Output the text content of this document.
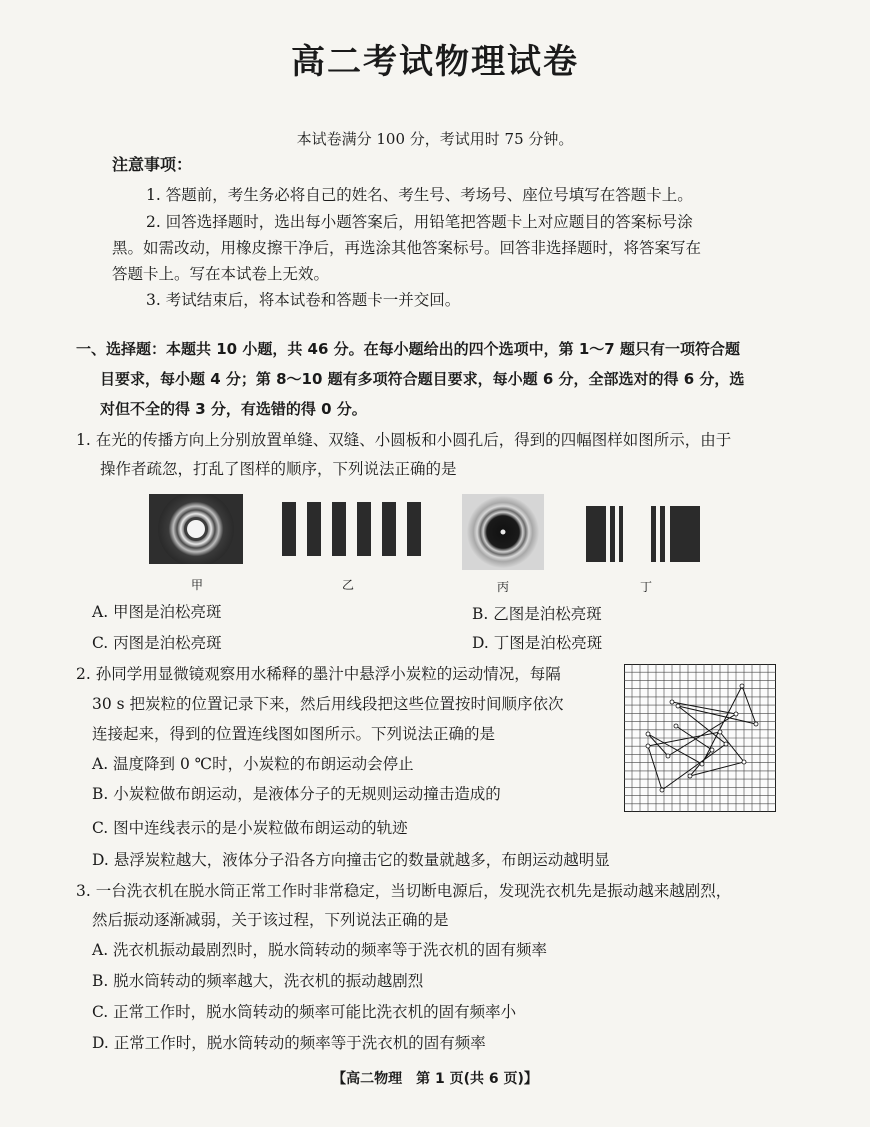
高二考试物理试卷
本试卷满分 100 分，考试用时 75 分钟。
注意事项：
1. 答题前，考生务必将自己的姓名、考生号、考场号、座位号填写在答题卡上。
2. 回答选择题时，选出每小题答案后，用铅笔把答题卡上对应题目的答案标号涂
黑。如需改动，用橡皮擦干净后，再选涂其他答案标号。回答非选择题时，将答案写在
答题卡上。写在本试卷上无效。
3. 考试结束后，将本试卷和答题卡一并交回。
一、选择题：本题共 10 小题，共 46 分。在每小题给出的四个选项中，第 1～7 题只有一项符合题
目要求，每小题 4 分；第 8～10 题有多项符合题目要求，每小题 6 分，全部选对的得 6 分，选
对但不全的得 3 分，有选错的得 0 分。
1. 在光的传播方向上分别放置单缝、双缝、小圆板和小圆孔后，得到的四幅图样如图所示，由于
操作者疏忽，打乱了图样的顺序，下列说法正确的是
甲	乙	丙	丁
A. 甲图是泊松亮斑	B. 乙图是泊松亮斑
C. 丙图是泊松亮斑	D. 丁图是泊松亮斑
2. 孙同学用显微镜观察用水稀释的墨汁中悬浮小炭粒的运动情况，每隔
30 s 把炭粒的位置记录下来，然后用线段把这些位置按时间顺序依次
连接起来，得到的位置连线图如图所示。下列说法正确的是
A. 温度降到 0 ℃时，小炭粒的布朗运动会停止
B. 小炭粒做布朗运动，是液体分子的无规则运动撞击造成的
C. 图中连线表示的是小炭粒做布朗运动的轨迹
D. 悬浮炭粒越大，液体分子沿各方向撞击它的数量就越多，布朗运动越明显
3. 一台洗衣机在脱水筒正常工作时非常稳定，当切断电源后，发现洗衣机先是振动越来越剧烈，
然后振动逐渐减弱，关于该过程，下列说法正确的是
A. 洗衣机振动最剧烈时，脱水筒转动的频率等于洗衣机的固有频率
B. 脱水筒转动的频率越大，洗衣机的振动越剧烈
C. 正常工作时，脱水筒转动的频率可能比洗衣机的固有频率小
D. 正常工作时，脱水筒转动的频率等于洗衣机的固有频率
【高二物理　第 1 页(共 6 页)】
